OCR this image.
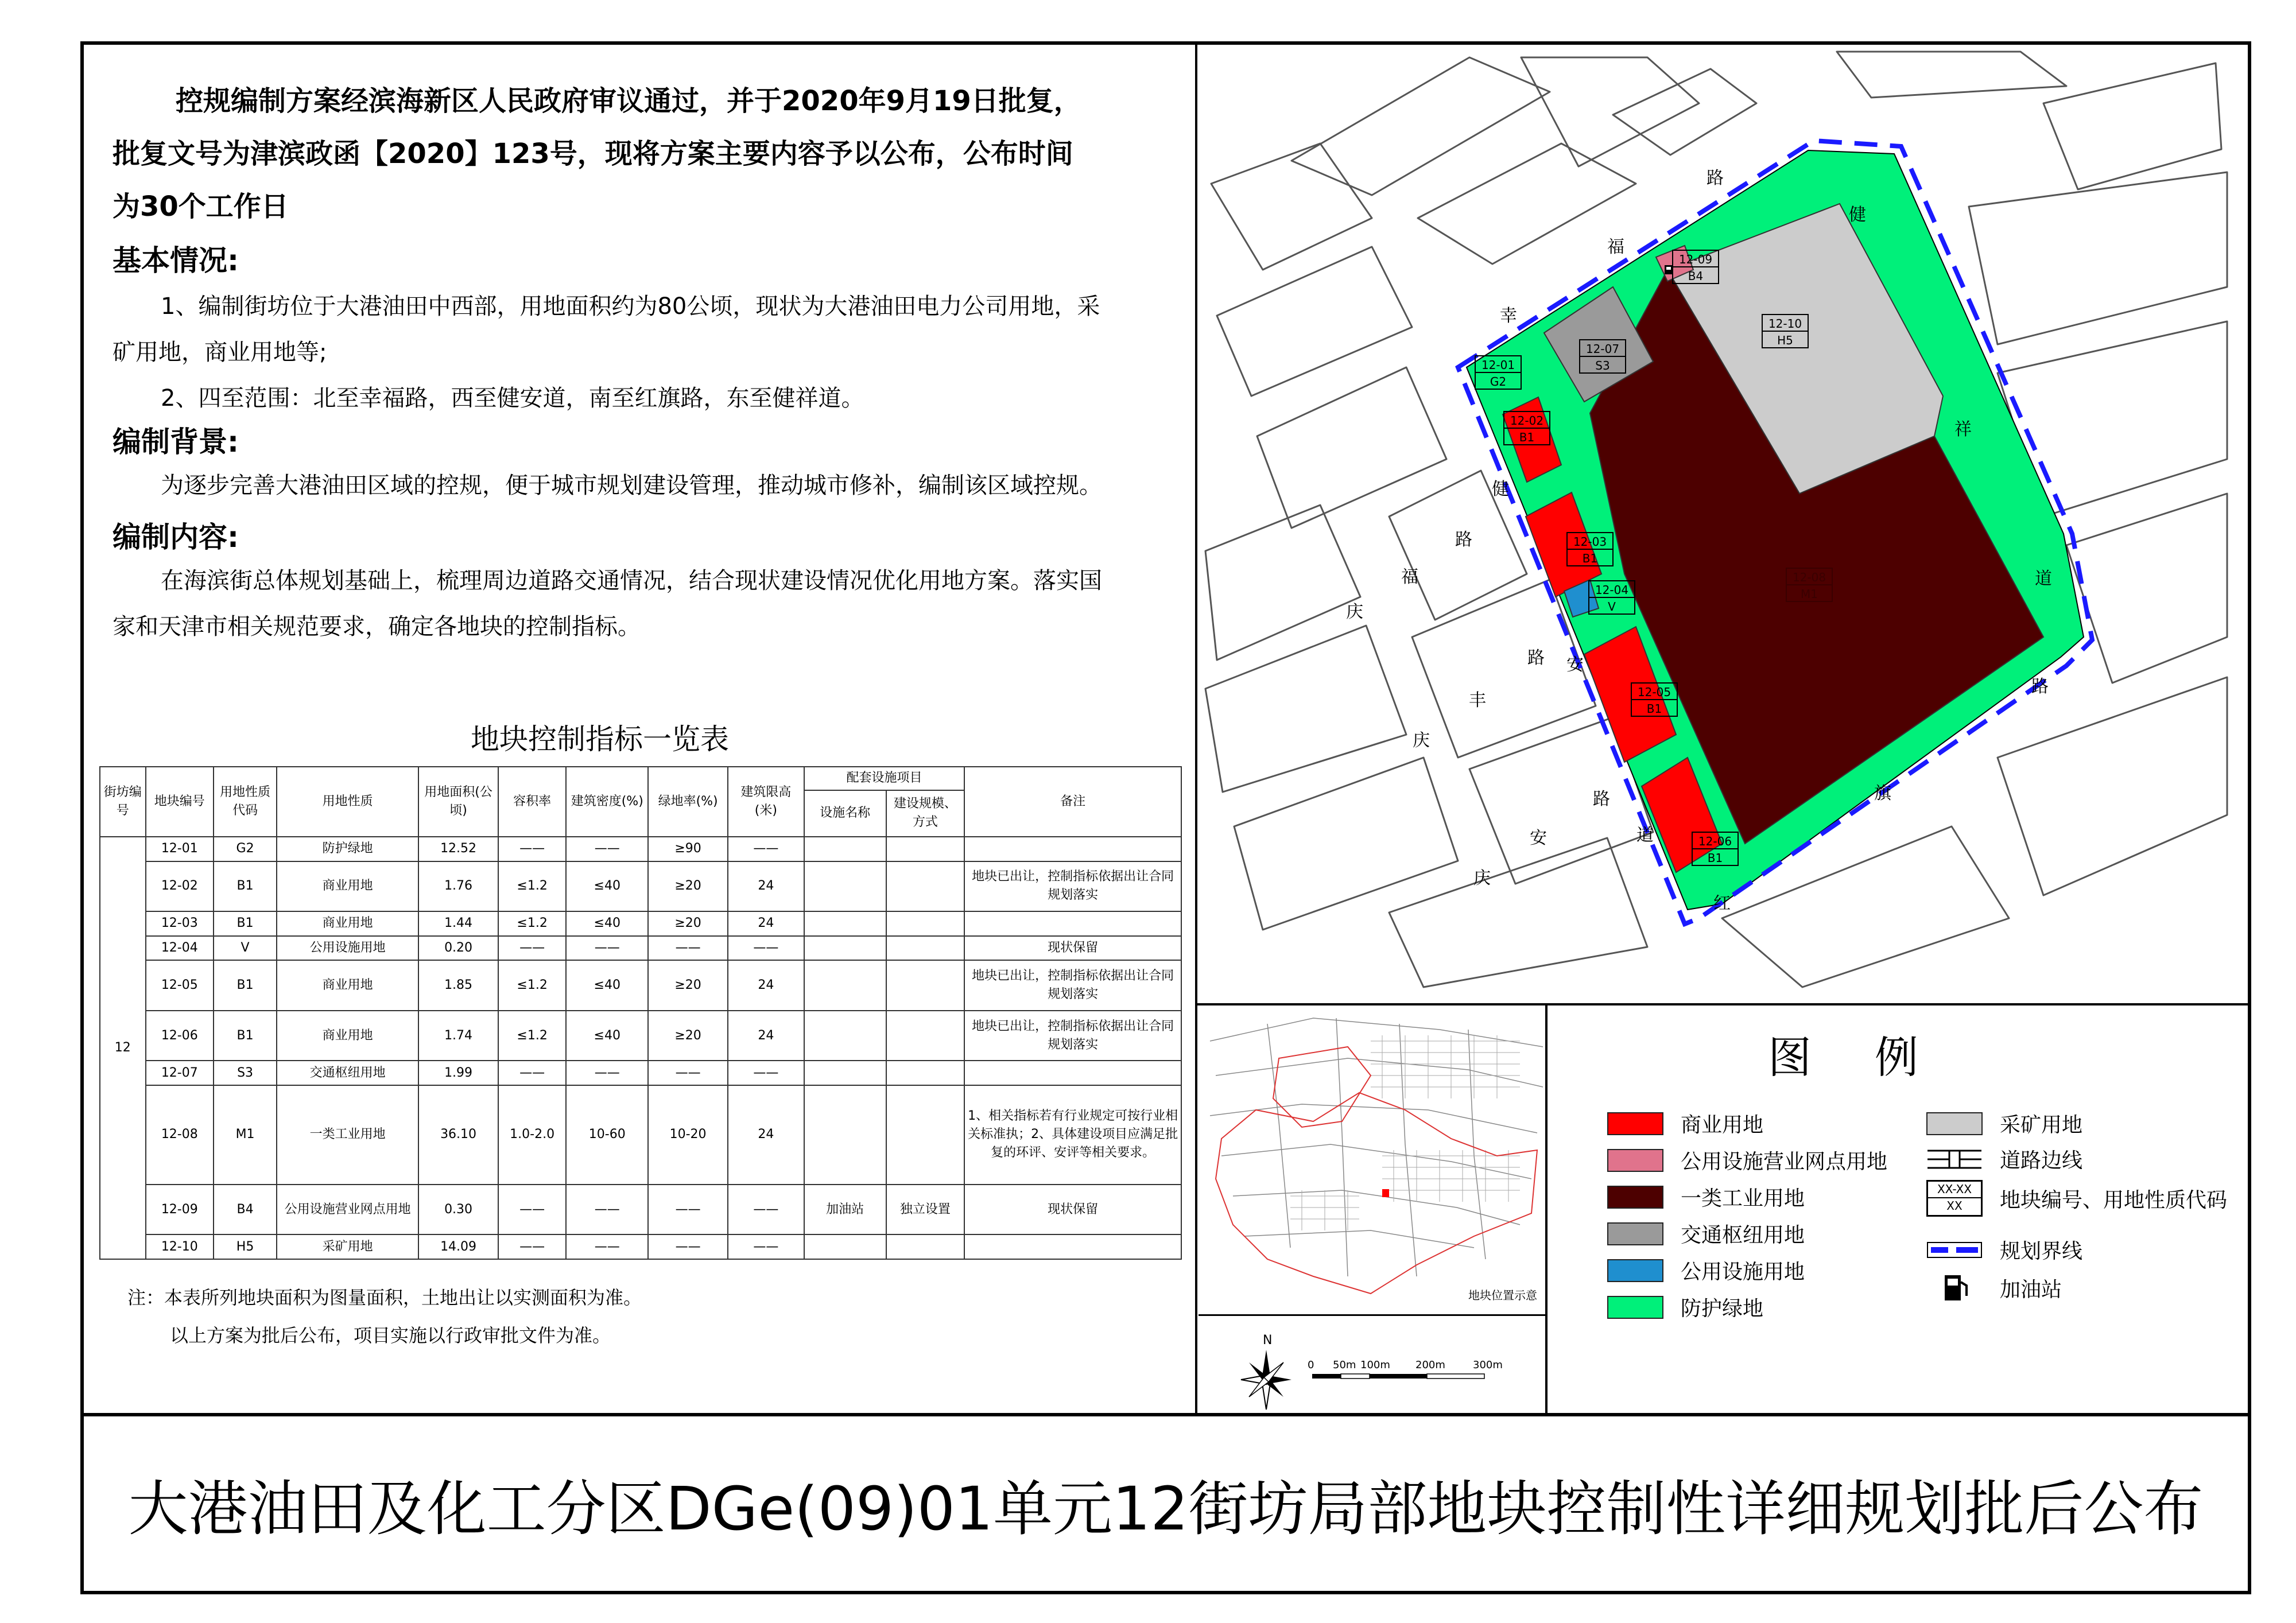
控规编制方案经滨海新区人民政府审议通过，并于2020年9月19日批复，
批复文号为津滨政函【2020】123号，现将方案主要内容予以公布，公布时间
为30个工作日
基本情况:
1、编制街坊位于大港油田中西部，用地面积约为80公顷，现状为大港油田电力公司用地，采
矿用地，商业用地等;
2、四至范围：北至幸福路，西至健安道，南至红旗路，东至健祥道。
编制背景:
为逐步完善大港油田区域的控规，便于城市规划建设管理，推动城市修补，编制该区域控规。
编制内容:
在海滨街总体规划基础上，梳理周边道路交通情况，结合现状建设情况优化用地方案。落实国
家和天津市相关规范要求，确定各地块的控制指标。
地块控制指标一览表
街坊编号	地块编号	用地性质代码	用地性质	用地面积(公顷)	容积率	建筑密度(%)	绿地率(%)	建筑限高(米)	配套设施项目		备注
									设施名称	建设规模、方式	
12	12-01	G2	防护绿地	12.52	——	——	≥90	——			
	12-02	B1	商业用地	1.76	≤1.2	≤40	≥20	24			地块已出让，控制指标依据出让合同规划落实
	12-03	B1	商业用地	1.44	≤1.2	≤40	≥20	24			
	12-04	V	公用设施用地	0.20	——	——	——	——			现状保留
	12-05	B1	商业用地	1.85	≤1.2	≤40	≥20	24			地块已出让，控制指标依据出让合同规划落实
	12-06	B1	商业用地	1.74	≤1.2	≤40	≥20	24			地块已出让，控制指标依据出让合同规划落实
	12-07	S3	交通枢纽用地	1.99	——	——	——	——			
	12-08	M1	一类工业用地	36.10	1.0-2.0	10-60	10-20	24			1、相关指标若有行业规定可按行业相关标准执；2、具体建设项目应满足批复的环评、安评等相关要求。
	12-09	B4	公用设施营业网点用地	0.30	——	——	——	——	加油站	独立设置	现状保留
	12-10	H5	采矿用地	14.09	——	——	——	——			
注：本表所列地块面积为图量面积，土地出让以实测面积为准。
以上方案为批后公布，项目实施以行政审批文件为准。
12-01
G2
12-02
B1
12-03
B1
12-04
V
12-05
B1
12-06
B1
12-07
S3
12-08
M1
12-09
B4
12-10
H5
路
福
幸
健
祥
道
路
旗
红
健
安
道
路
福
庆
路
丰
庆
路
安
庆
地块位置示意
N
0 50m 100m 200m	300m
图例
商业用地
公用设施营业网点用地
一类工业用地
交通枢纽用地
公用设施用地
防护绿地
采矿用地
道路边线
XX-XX
XX	地块编号、用地性质代码
规划界线
加油站
大港油田及化工分区DGe(09)01单元12街坊局部地块控制性详细规划批后公布
